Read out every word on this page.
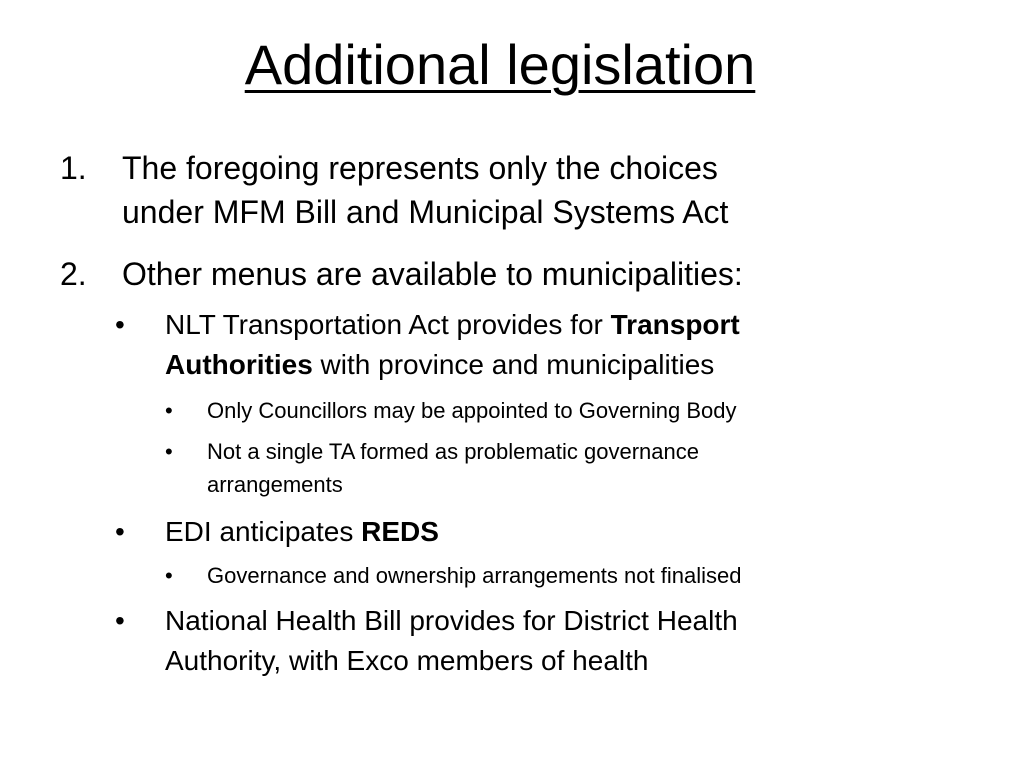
Additional legislation
1.	The foregoing represents only the choices
under MFM Bill and Municipal Systems Act
2.	Other menus are available to municipalities:
•	NLT Transportation Act provides for Transport
Authorities with province and municipalities
•	Only Councillors may be appointed to Governing Body
•	Not a single TA formed as problematic governance
arrangements
•	EDI anticipates REDS
•	Governance and ownership arrangements not finalised
•	National Health Bill provides for District Health
Authority, with Exco members of health
